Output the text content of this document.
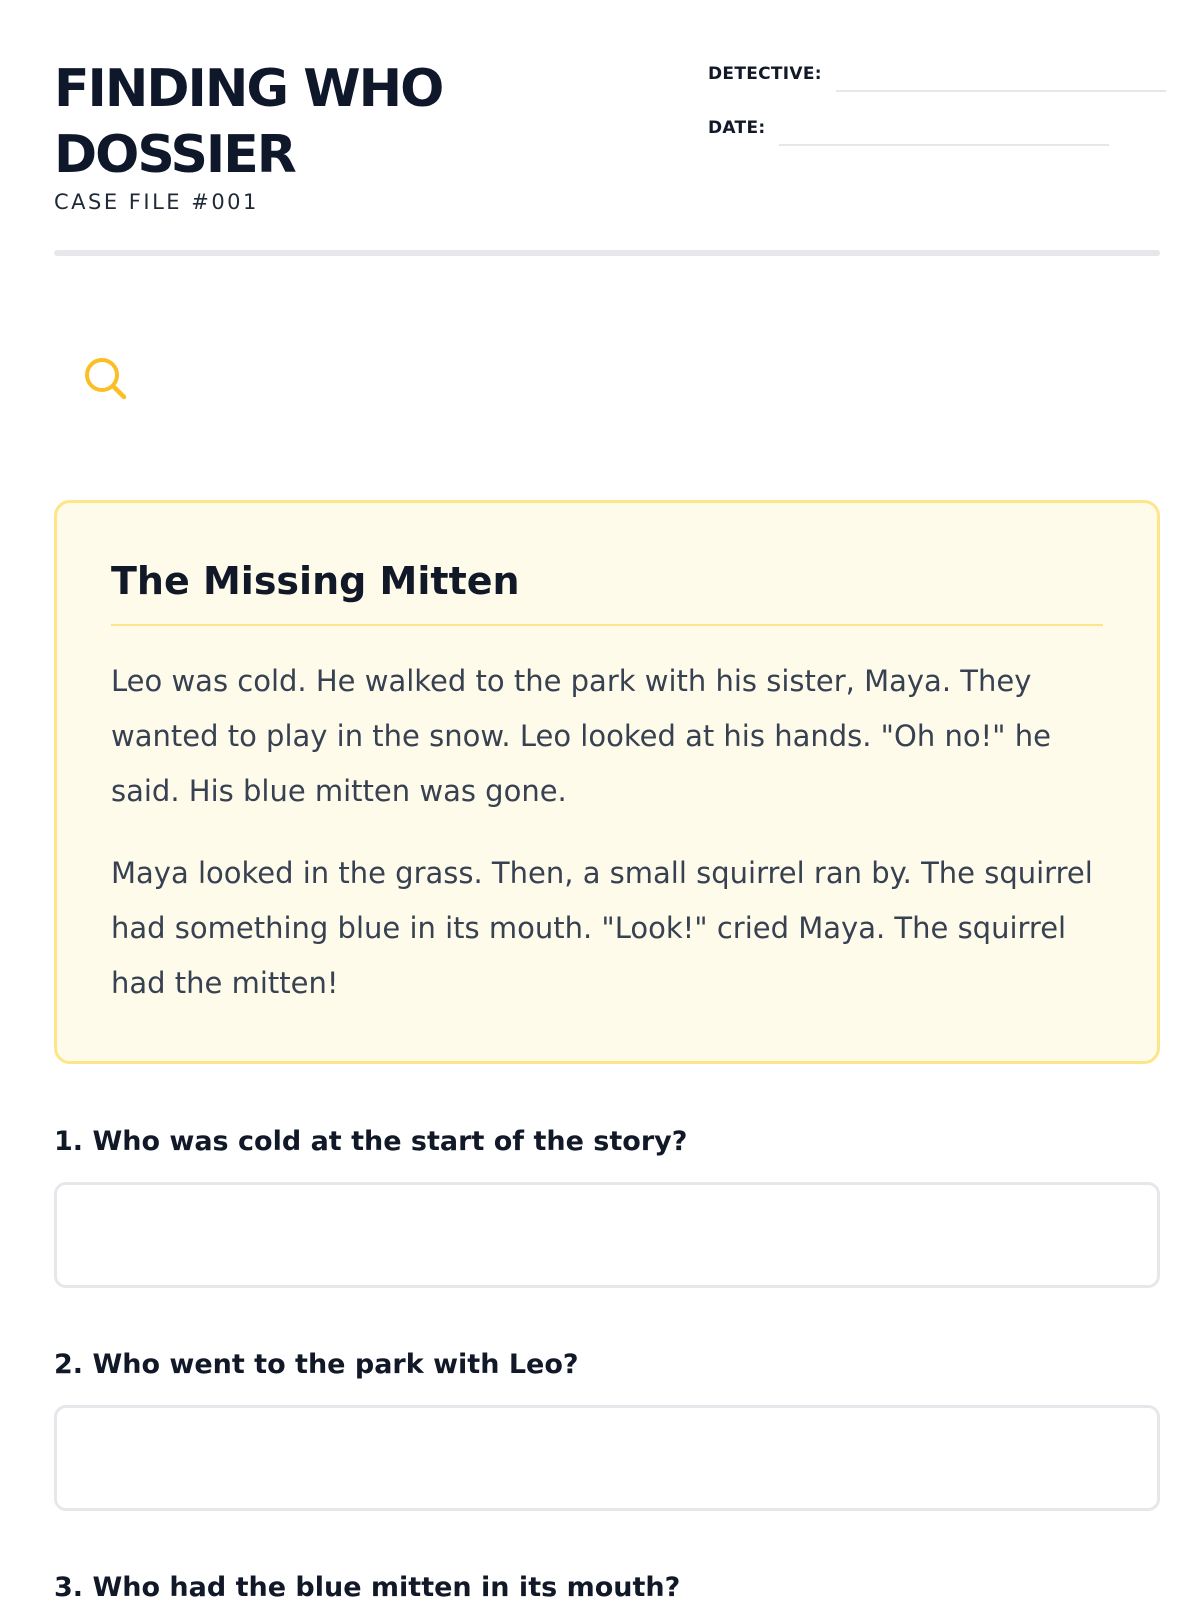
FINDING WHO DOSSIER
CASE FILE #001
DETECTIVE:
DATE:
The Missing Mitten

Leo was cold. He walked to the park with his sister, Maya. They wanted to play in the snow. Leo looked at his hands. "Oh no!" he said. His blue mitten was gone.

Maya looked in the grass. Then, a small squirrel ran by. The squirrel had something blue in its mouth. "Look!" cried Maya. The squirrel had the mitten!

1. Who was cold at the start of the story?

2. Who went to the park with Leo?

3. Who had the blue mitten in its mouth?
